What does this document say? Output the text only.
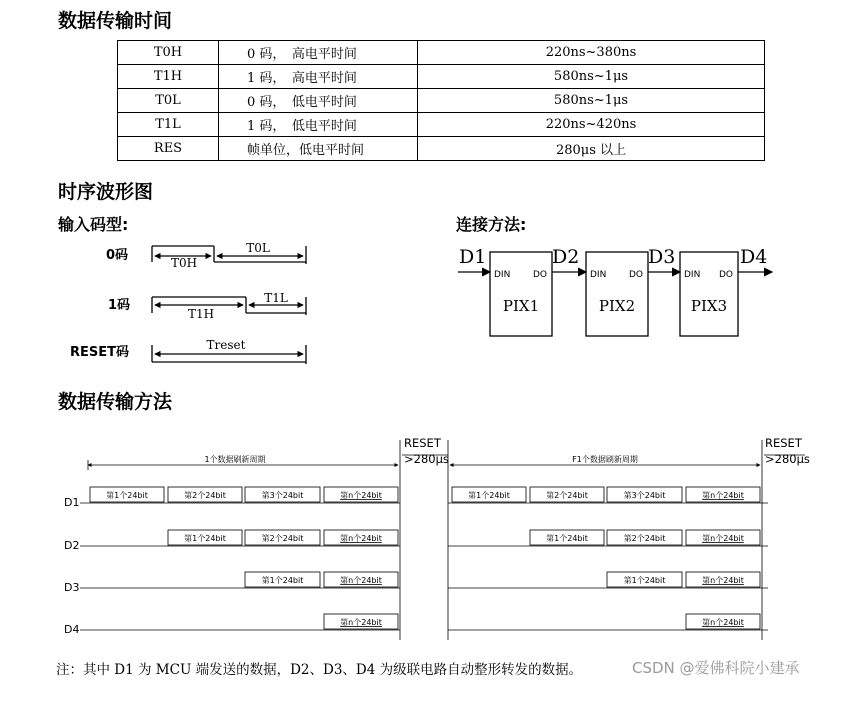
数据传输时间
T0H	0 码，　高电平时间	220ns~380ns
T1H	1 码，　高电平时间	580ns~1μs
T0L	0 码，　低电平时间	580ns~1μs
T1L	1 码，　低电平时间	220ns~420ns
RES	帧单位，低电平时间	280μs 以上
时序波形图
输入码型:	连接方法:
数据传输方法
0码
1码
RESET码
T0H
T0L
T1H
T1L
Treset
D1	D2	D3	D4
DIN	DO	DIN	DO	DIN DO
PIX1	PIX2	PIX3
1个数据刷新周期	F1个数据刷新周期
RESET
>280μs
RESET
>280μs
D1
D2
D3
D4
第1个24bit	第2个24bit	第3个24bit	第n个24bit
第1个24bit	第2个24bit	第n个24bit
第1个24bit	第n个24bit
第n个24bit
第1个24bit	第2个24bit	第3个24bit	第n个24bit
第1个24bit	第2个24bit	第n个24bit
第1个24bit	第n个24bit
第n个24bit
注：其中 D1 为 MCU 端发送的数据，D2、D3、D4 为级联电路自动整形转发的数据。	CSDN @爱佛科院小建承
